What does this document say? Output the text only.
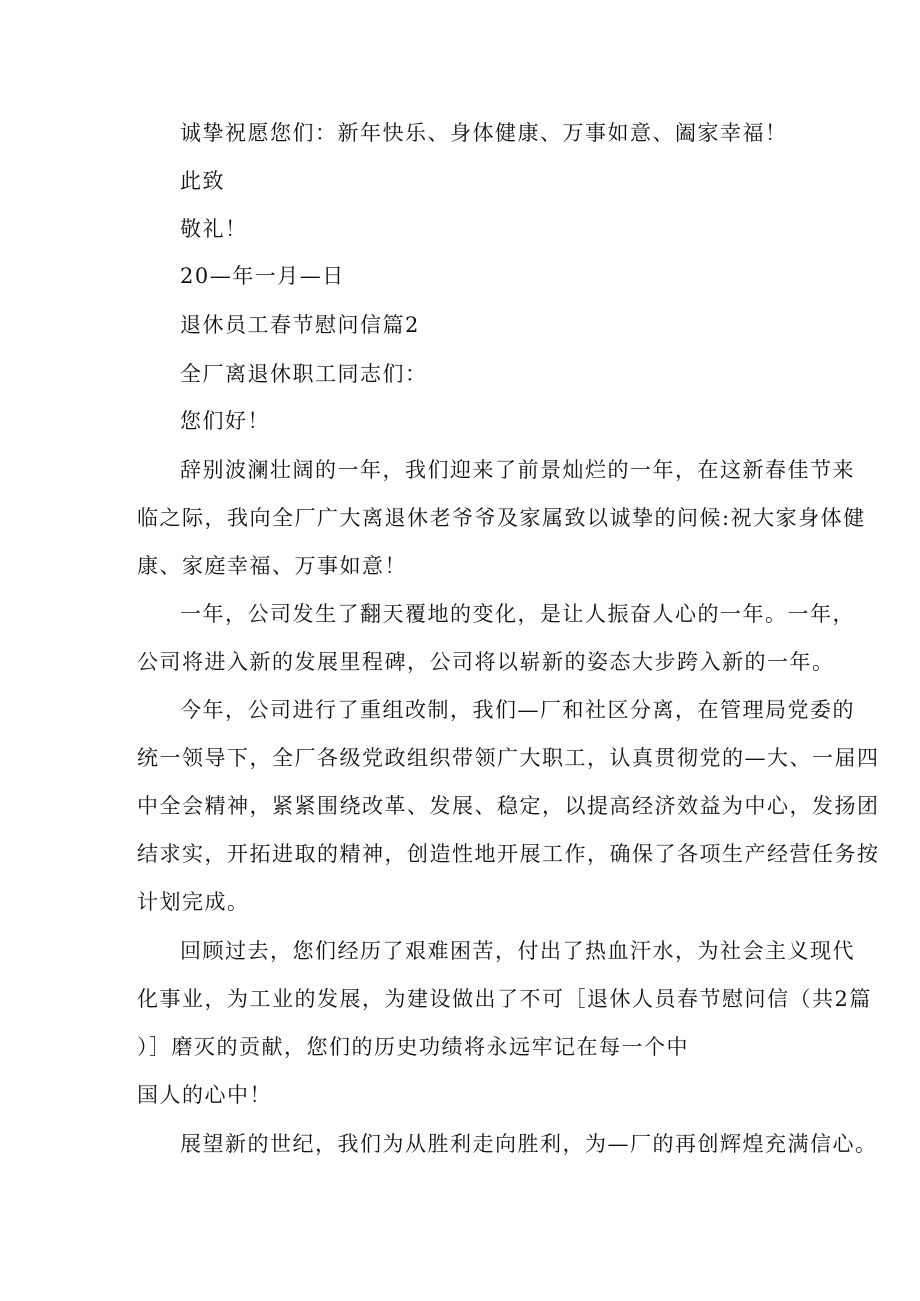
诚挚祝愿您们：新年快乐、身体健康、万事如意、阖家幸福！
此致
敬礼！
20—年一月—日
退休员工春节慰问信篇2
全厂离退休职工同志们：
您们好！
辞别波澜壮阔的一年，我们迎来了前景灿烂的一年，在这新春佳节来
临之际，我向全厂广大离退休老爷爷及家属致以诚挚的问候:祝大家身体健
康、家庭幸福、万事如意！
一年，公司发生了翻天覆地的变化，是让人振奋人心的一年。一年，
公司将进入新的发展里程碑，公司将以崭新的姿态大步跨入新的一年。
今年，公司进行了重组改制，我们—厂和社区分离，在管理局党委的
统一领导下，全厂各级党政组织带领广大职工，认真贯彻党的—大、一届四
中全会精神，紧紧围绕改革、发展、稳定，以提高经济效益为中心，发扬团
结求实，开拓进取的精神，创造性地开展工作，确保了各项生产经营任务按
计划完成。
回顾过去，您们经历了艰难困苦，付出了热血汗水，为社会主义现代
化事业，为工业的发展，为建设做出了不可［退休人员春节慰问信（共2篇
）］磨灭的贡献，您们的历史功绩将永远牢记在每一个中
国人的心中！
展望新的世纪，我们为从胜利走向胜利，为—厂的再创辉煌充满信心。
